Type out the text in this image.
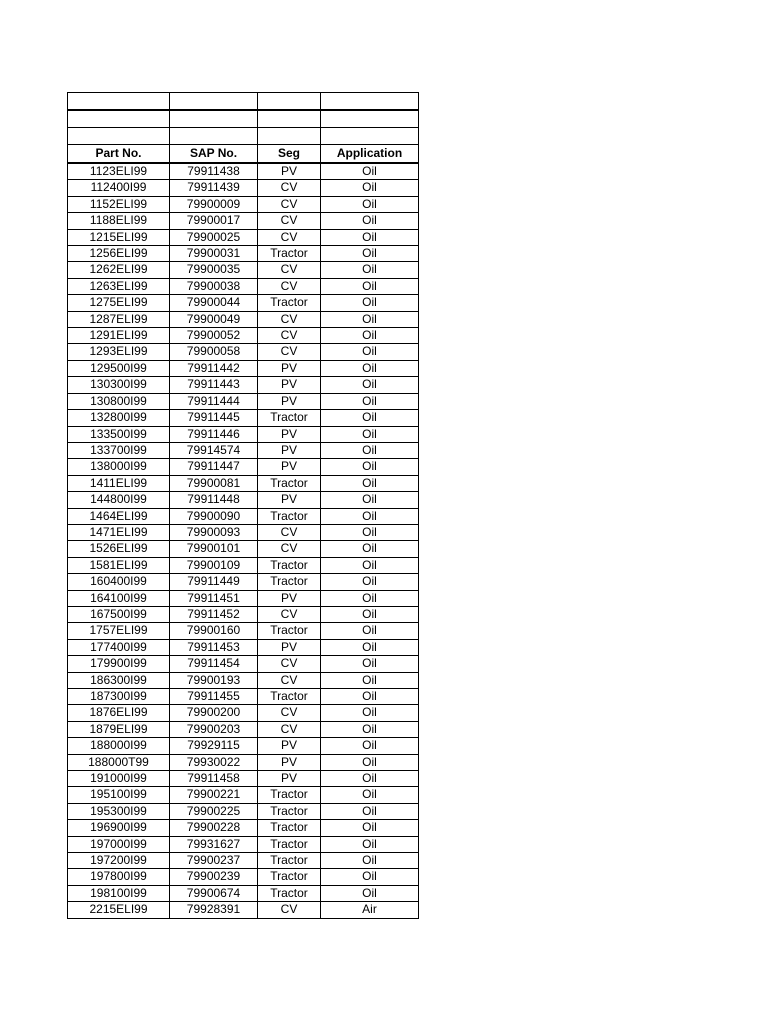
Part No.	SAP No.	Seg	Application
1123ELI99	79911438	PV	Oil
112400I99	79911439	CV	Oil
1152ELI99	79900009	CV	Oil
1188ELI99	79900017	CV	Oil
1215ELI99	79900025	CV	Oil
1256ELI99	79900031	Tractor	Oil
1262ELI99	79900035	CV	Oil
1263ELI99	79900038	CV	Oil
1275ELI99	79900044	Tractor	Oil
1287ELI99	79900049	CV	Oil
1291ELI99	79900052	CV	Oil
1293ELI99	79900058	CV	Oil
129500I99	79911442	PV	Oil
130300I99	79911443	PV	Oil
130800I99	79911444	PV	Oil
132800I99	79911445	Tractor	Oil
133500I99	79911446	PV	Oil
133700I99	79914574	PV	Oil
138000I99	79911447	PV	Oil
1411ELI99	79900081	Tractor	Oil
144800I99	79911448	PV	Oil
1464ELI99	79900090	Tractor	Oil
1471ELI99	79900093	CV	Oil
1526ELI99	79900101	CV	Oil
1581ELI99	79900109	Tractor	Oil
160400I99	79911449	Tractor	Oil
164100I99	79911451	PV	Oil
167500I99	79911452	CV	Oil
1757ELI99	79900160	Tractor	Oil
177400I99	79911453	PV	Oil
179900I99	79911454	CV	Oil
186300I99	79900193	CV	Oil
187300I99	79911455	Tractor	Oil
1876ELI99	79900200	CV	Oil
1879ELI99	79900203	CV	Oil
188000I99	79929115	PV	Oil
188000T99	79930022	PV	Oil
191000I99	79911458	PV	Oil
195100I99	79900221	Tractor	Oil
195300I99	79900225	Tractor	Oil
196900I99	79900228	Tractor	Oil
197000I99	79931627	Tractor	Oil
197200I99	79900237	Tractor	Oil
197800I99	79900239	Tractor	Oil
198100I99	79900674	Tractor	Oil
2215ELI99	79928391	CV	Air
